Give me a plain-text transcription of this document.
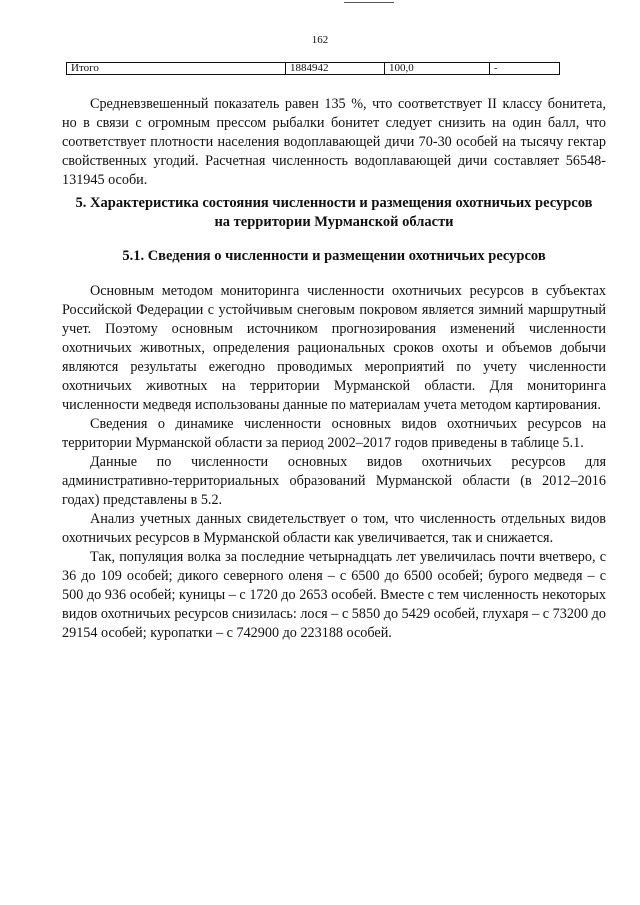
162
Итого	1884942	100,0	-

Средневзвешенный показатель равен 135 %, что соответствует II классу бонитета, но в связи с огромным прессом рыбалки бонитет следует снизить на один балл, что соответствует плотности населения водоплавающей дичи 70-30 особей на тысячу гектар свойственных угодий. Расчетная численность водоплавающей дичи составляет 56548-131945 особи.

5. Характеристика состояния численности и размещения охотничьих ресурсов
на территории Мурманской области
5.1. Сведения о численности и размещении охотничьих ресурсов

Основным методом мониторинга численности охотничьих ресурсов в субъектах Российской Федерации с устойчивым снеговым покровом является зимний маршрутный учет. Поэтому основным источником прогнозирования изменений численности охотничьих животных, определения рациональных сроков охоты и объемов добычи являются результаты ежегодно проводимых мероприятий по учету численности охотничьих животных на территории Мурманской области. Для мониторинга численности медведя использованы данные по материалам учета методом картирования.

Сведения о динамике численности основных видов охотничьих ресурсов на территории Мурманской области за период 2002–2017 годов приведены в таблице 5.1.

Данные по численности основных видов охотничьих ресурсов для административно-территориальных образований Мурманской области (в 2012–2016 годах) представлены в 5.2.

Анализ учетных данных свидетельствует о том, что численность отдельных видов охотничьих ресурсов в Мурманской области как увеличивается, так и снижается.

Так, популяция волка за последние четырнадцать лет увеличилась почти вчетверо, с 36 до 109 особей; дикого северного оленя – с 6500 до 6500 особей; бурого медведя – с 500 до 936 особей; куницы – с 1720 до 2653 особей. Вместе с тем численность некоторых видов охотничьих ресурсов снизилась: лося – с 5850 до 5429 особей, глухаря – с 73200 до 29154 особей; куропатки – с 742900 до 223188 особей.
